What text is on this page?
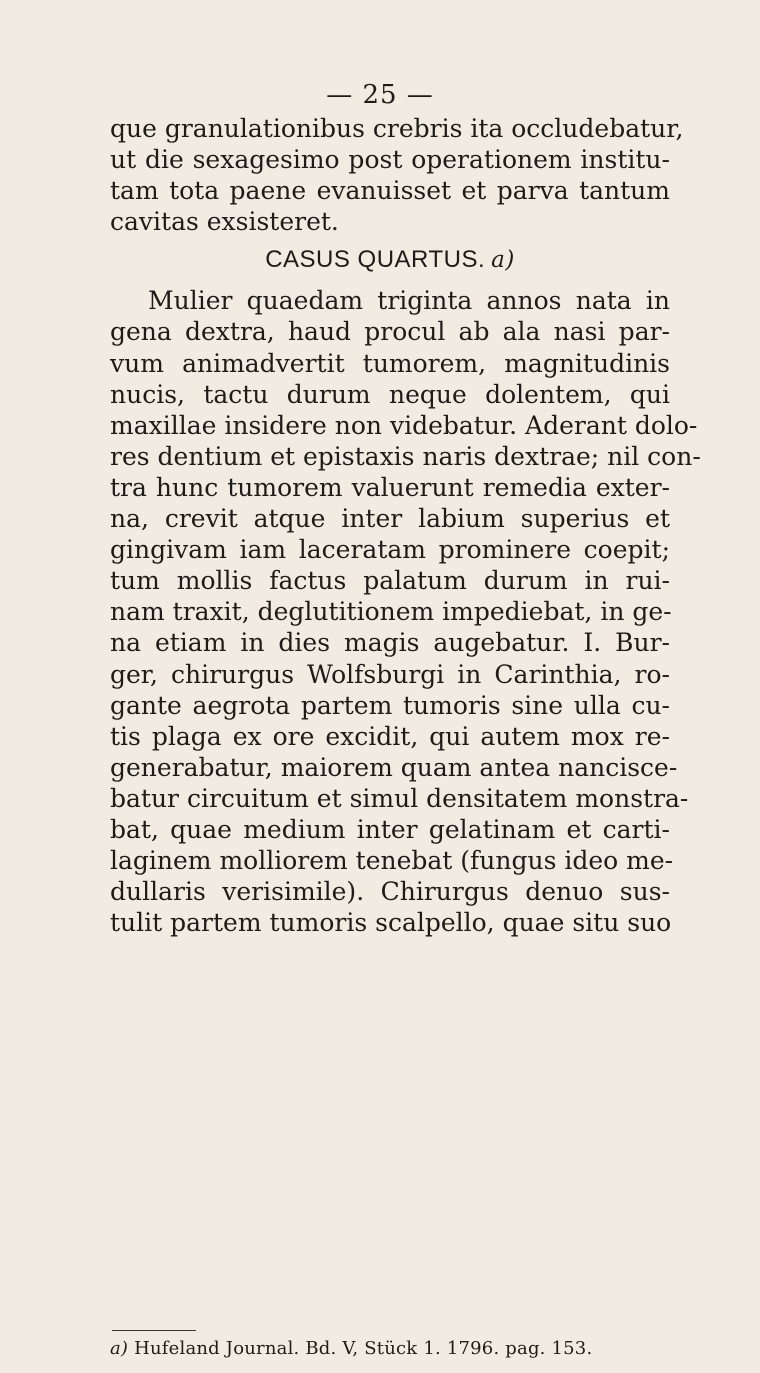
— 25 —
que granulationibus crebris ita occludebatur,
ut die sexagesimo post operationem institu-
tam tota paene evanuisset et parva tantum
cavitas exsisteret.
CASUS QUARTUS. a)
Mulier quaedam triginta annos nata in
gena dextra, haud procul ab ala nasi par-
vum animadvertit tumorem, magnitudinis
nucis, tactu durum neque dolentem, qui
maxillae insidere non videbatur. Aderant dolo-
res dentium et epistaxis naris dextrae; nil con-
tra hunc tumorem valuerunt remedia exter-
na, crevit atque inter labium superius et
gingivam iam laceratam prominere coepit;
tum mollis factus palatum durum in rui-
nam traxit, deglutitionem impediebat, in ge-
na etiam in dies magis augebatur. I. Bur-
ger, chirurgus Wolfsburgi in Carinthia, ro-
gante aegrota partem tumoris sine ulla cu-
tis plaga ex ore excidit, qui autem mox re-
generabatur, maiorem quam antea nancisce-
batur circuitum et simul densitatem monstra-
bat, quae medium inter gelatinam et carti-
laginem molliorem tenebat (fungus ideo me-
dullaris verisimile). Chirurgus denuo sus-
tulit partem tumoris scalpello, quae situ suo
a) Hufeland Journal. Bd. V, Stück 1. 1796. pag. 153.
